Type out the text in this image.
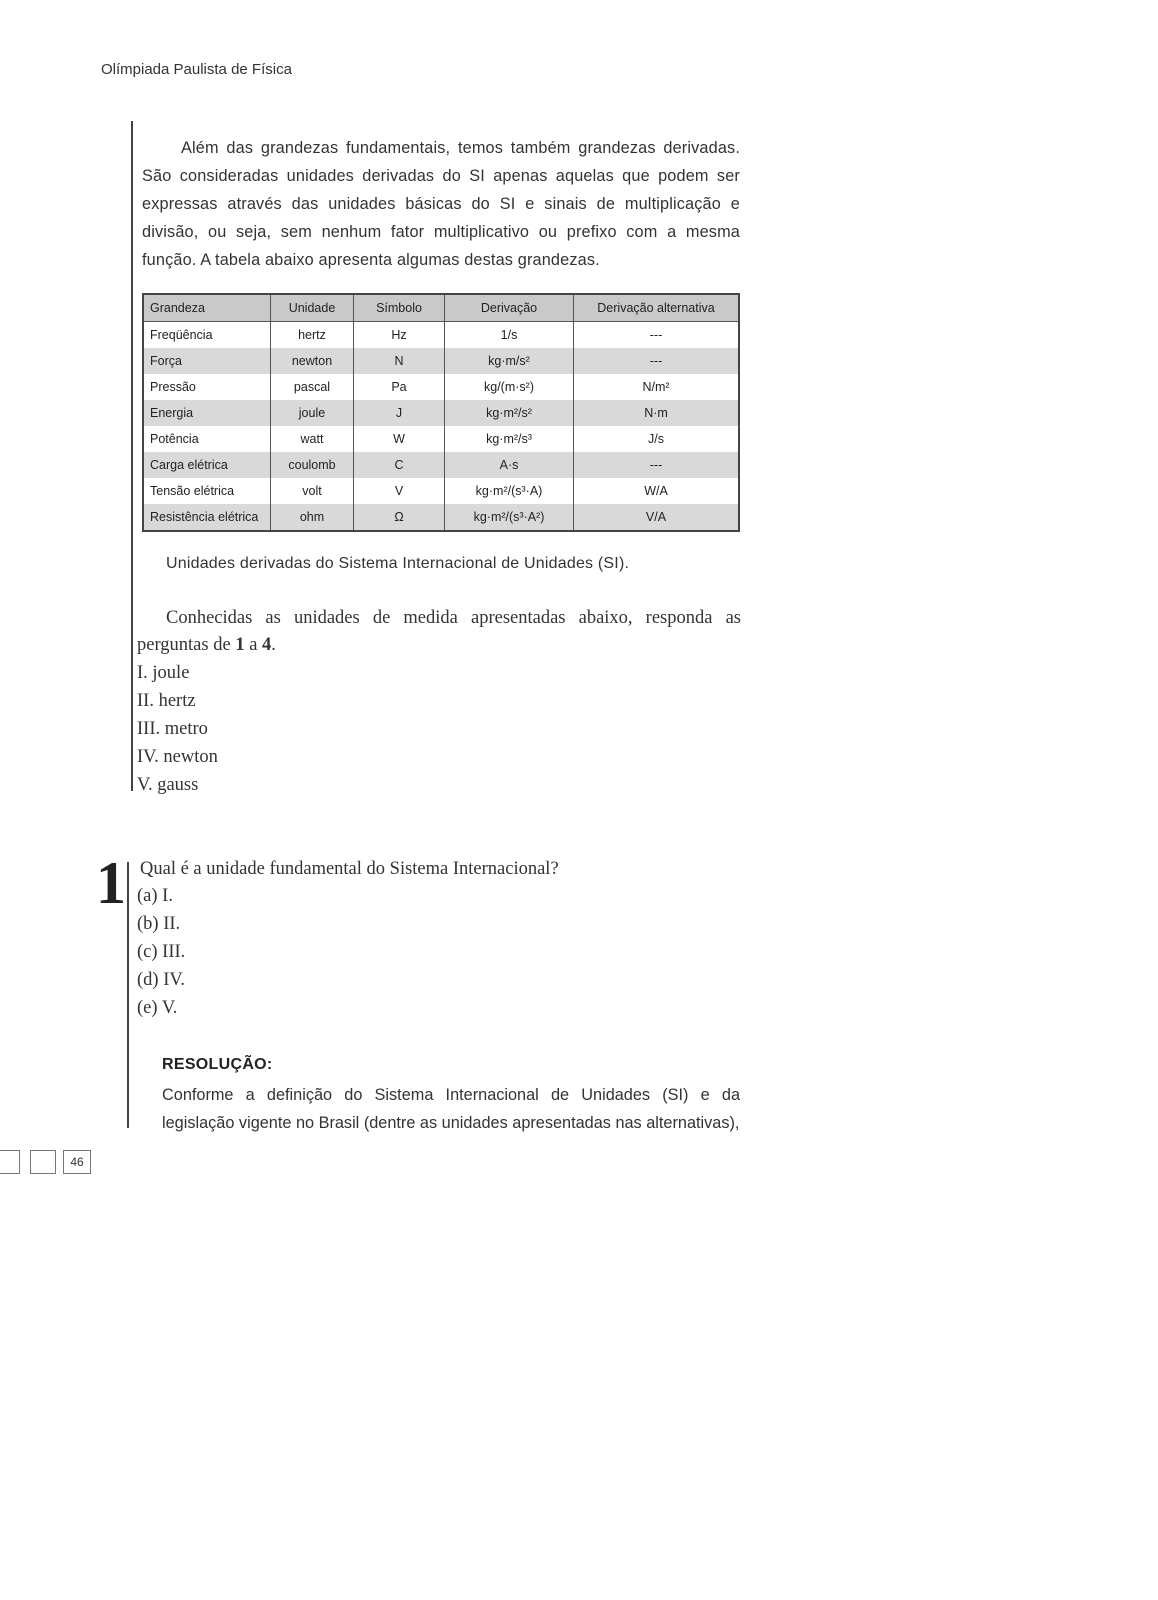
Olímpiada Paulista de Física

Além das grandezas fundamentais, temos também grandezas derivadas. São consideradas unidades derivadas do SI apenas aquelas que podem ser expressas através das unidades básicas do SI e sinais de multiplicação e divisão, ou seja, sem nenhum fator multiplicativo ou prefixo com a mesma função. A tabela abaixo apresenta algumas destas grandezas.

Grandeza	Unidade	Símbolo	Derivação	Derivação alternativa
Freqüência	hertz	Hz	1/s	---
Força	newton	N	kg·m/s²	---
Pressão	pascal	Pa	kg/(m·s²)	N/m²
Energia	joule	J	kg·m²/s²	N·m
Potência	watt	W	kg·m²/s³	J/s
Carga elétrica	coulomb	C	A·s	---
Tensão elétrica	volt	V	kg·m²/(s³·A)	W/A
Resistência elétrica	ohm	Ω	kg·m²/(s³·A²)	V/A
Unidades derivadas do Sistema Internacional de Unidades (SI).

Conhecidas as unidades de medida apresentadas abaixo, responda as perguntas de 1 a 4.

I. joule
II. hertz
III. metro
IV. newton
V. gauss
1 Qual é a unidade fundamental do Sistema Internacional?
(a) I.
(b) II.
(c) III.
(d) IV.
(e) V.
RESOLUÇÃO:

Conforme a definição do Sistema Internacional de Unidades (SI) e da legislação vigente no Brasil (dentre as unidades apresentadas nas alternativas),

46
